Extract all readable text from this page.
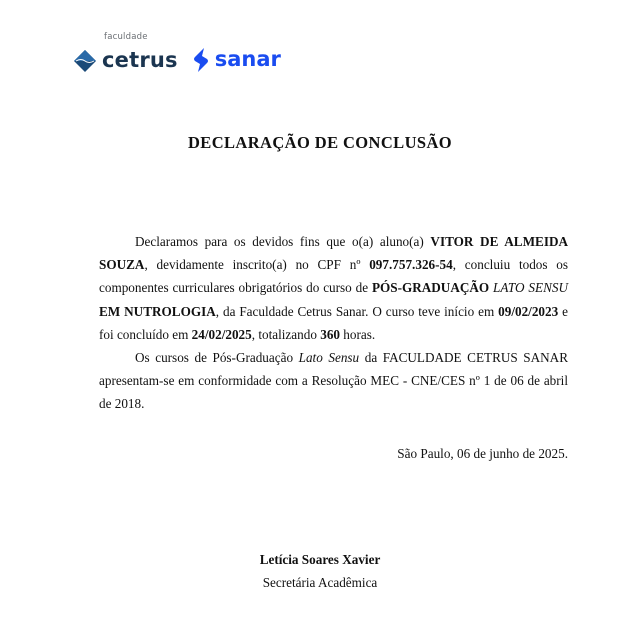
faculdade
cetrus sanar
DECLARAÇÃO DE CONCLUSÃO

Declaramos para os devidos fins que o(a) aluno(a) VITOR DE ALMEIDA SOUZA, devidamente inscrito(a) no CPF nº 097.757.326-54, concluiu todos os componentes curriculares obrigatórios do curso de PÓS-GRADUAÇÃO LATO SENSU EM NUTROLOGIA, da Faculdade Cetrus Sanar. O curso teve início em 09/02/2023 e foi concluído em 24/02/2025, totalizando 360 horas.

Os cursos de Pós-Graduação Lato Sensu da FACULDADE CETRUS SANAR apresentam-se em conformidade com a Resolução MEC - CNE/CES nº 1 de 06 de abril de 2018.

São Paulo, 06 de junho de 2025.
Letícia Soares Xavier
Secretária Acadêmica
